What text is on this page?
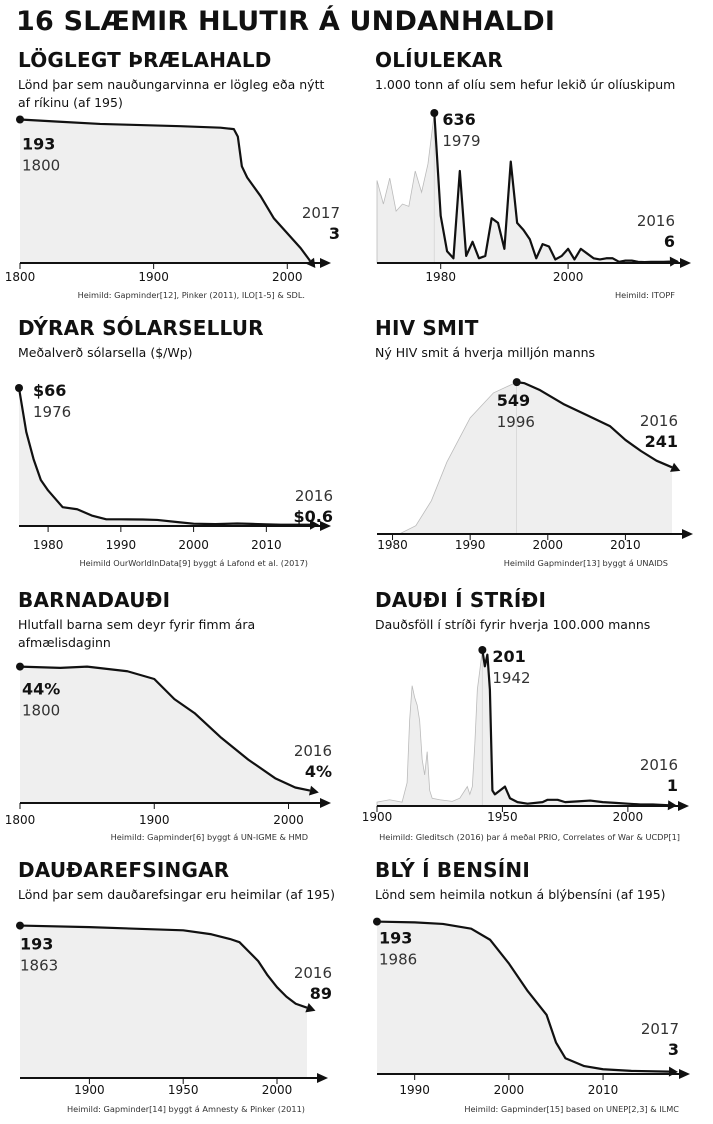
16 SLÆMIR HLUTIR Á UNDANHALDI
LÖGLEGT ÞRÆLAHALD
Lönd þar sem nauðungarvinna er lögleg eða nýtt af ríkinu (af 195)
1800	1900	2000
193
1800
2017
3
Heimild: Gapminder[12], Pinker (2011), ILO[1-5] & SDL.
OLÍULEKAR
1.000 tonn af olíu sem hefur lekið úr olíuskipum
1980	2000
636
1979
2016
6
Heimild: ITOPF
DÝRAR SÓLARSELLUR
Meðalverð sólarsella ($/Wp)
1980	1990	2000	2010
$66
1976
2016
$0.6
Heimild OurWorldInData[9] byggt á Lafond et al. (2017)
HIV SMIT
Ný HIV smit á hverja milljón manns
1980	1990	2000	2010
549
1996	2016
241
Heimild Gapminder[13] byggt á UNAIDS
BARNADAUÐI
Hlutfall barna sem deyr fyrir fimm ára afmælisdaginn
1800	1900	2000
44%
1800
2016
4%
Heimild: Gapminder[6] byggt á UN-IGME & HMD
DAUÐI Í STRÍÐI
Dauðsföll í stríði fyrir hverja 100.000 manns
1900	1950	2000
201
1942
2016
1
Heimild: Gleditsch (2016) þar á meðal PRIO, Correlates of War & UCDP[1]
DAUÐAREFSINGAR
Lönd þar sem dauðarefsingar eru heimilar (af 195)
1900	1950	2000
193
1863	2016
89
Heimild: Gapminder[14] byggt á Amnesty & Pinker (2011)
BLÝ Í BENSÍNI
Lönd sem heimila notkun á blýbensíni (af 195)
1990	2000	2010
193
1986
2017
3
Heimild: Gapminder[15] based on UNEP[2,3] & ILMC
